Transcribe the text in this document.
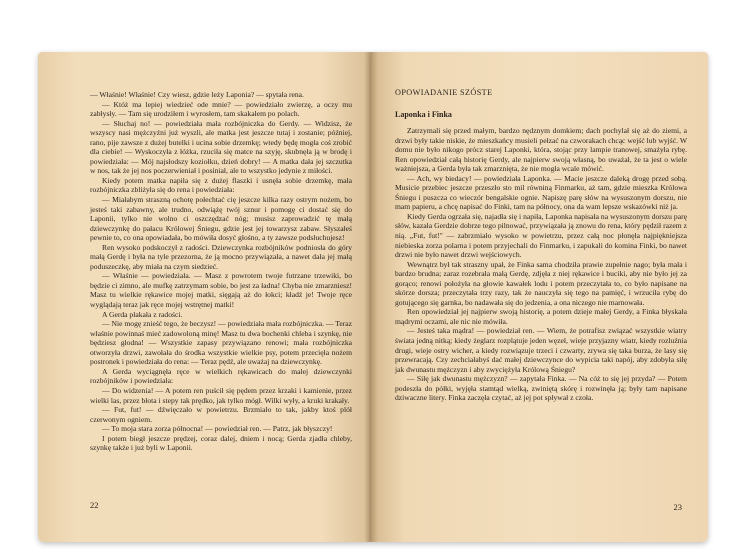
— Właśnie! Właśnie! Czy wiesz, gdzie leży Laponia? — spytała rena.

— Któż ma lepiej wiedzieć ode mnie? — powiedziało zwierzę, a oczy mu zabłysły. — Tam się urodziłem i wyrosłem, tam skakałem po polach.

— Słuchaj no! — powiedziała mała rozbójniczka do Gerdy. — Widzisz, że wszyscy nasi mężczyźni już wyszli, ale matka jest jeszcze tutaj i zostanie; później, rano, pije zawsze z dużej butelki i ucina sobie drzemkę; wtedy będę mogła coś zrobić dla ciebie! — Wyskoczyła z łóżka, rzuciła się matce na szyję, skubnęła ją w brodę i powiedziała: — Mój najsłodszy koziołku, dzień dobry! — A matka dała jej szczutka w nos, tak że jej nos poczerwieniał i posiniał, ale to wszystko jedynie z miłości.

Kiedy potem matka napiła się z dużej flaszki i usnęła sobie drzemkę, mała rozbójniczka zbliżyła się do rena i powiedziała:

— Miałabym straszną ochotę połechtać cię jeszcze kilka razy ostrym nożem, bo jesteś taki zabawny, ale trudno, odwiążę twój sznur i pomogę ci dostać się do Laponii, tylko nie wolno ci oszczędzać nóg; musisz zaprowadzić tę małą dziewczynkę do pałacu Królowej Śniegu, gdzie jest jej towarzysz zabaw. Słyszałeś pewnie to, co ona opowiadała, bo mówiła dosyć głośno, a ty zawsze podsłuchujesz!

Ren wysoko podskoczył z radości. Dziewczynka rozbójników podniosła do góry małą Gerdę i była na tyle przezorna, że ją mocno przywiązała, a nawet dała jej małą poduszeczkę, aby miała na czym siedzieć.

— Właśnie — powiedziała. — Masz z powrotem twoje futrzane trzewiki, bo będzie ci zimno, ale mufkę zatrzymam sobie, bo jest za ładna! Chyba nie zmarzniesz! Masz tu wielkie rękawice mojej matki, sięgają aż do łokci; kładź je! Twoje ręce wyglądają teraz jak ręce mojej wstrętnej matki!

A Gerda płakała z radości.

— Nie mogę znieść tego, że beczysz! — powiedziała mała rozbójniczka. — Teraz właśnie powinnaś mieć zadowoloną minę! Masz tu dwa bochenki chleba i szynkę, nie będziesz głodna! — Wszystkie zapasy przywiązano renowi; mała rozbójniczka otworzyła drzwi, zawołała do środka wszystkie wielkie psy, potem przecięła nożem postronek i powiedziała do rena: — Teraz pędź, ale uważaj na dziewczynkę.

A Gerda wyciągnęła ręce w wielkich rękawicach do małej dziewczynki rozbójników i powiedziała:

— Do widzenia! — A potem ren puścił się pędem przez krzaki i kamienie, przez wielki las, przez błota i stepy tak prędko, jak tylko mógł. Wilki wyły, a kruki krakały.

— Fut, fut! — dźwięczało w powietrzu. Brzmiało to tak, jakby ktoś plół czerwonym ogniem.

— To moja stara zorza północna! — powiedział ren. — Patrz, jak błyszczy!

I potem biegł jeszcze prędzej, coraz dalej, dniem i nocą; Gerda zjadła chleby, szynkę także i już byli w Laponii.

22
OPOWIADANIE SZÓSTE
Laponka i Finka

Zatrzymali się przed małym, bardzo nędznym domkiem; dach pochylał się aż do ziemi, a drzwi były takie niskie, że mieszkańcy musieli pełzać na czworakach chcąc wejść lub wyjść. W domu nie było nikogo prócz starej Laponki, która, stojąc przy lampie tranowej, smażyła rybę. Ren opowiedział całą historię Gerdy, ale najpierw swoją własną, bo uważał, że ta jest o wiele ważniejsza, a Gerda była tak zmarznięta, że nie mogła wcale mówić.

— Ach, wy biedacy! — powiedziała Laponka. — Macie jeszcze daleką drogę przed sobą. Musicie przebiec jeszcze przeszło sto mil równiną Finmarku, aż tam, gdzie mieszka Królowa Śniegu i puszcza co wieczór bengalskie ognie. Napiszę parę słów na wysuszonym dorszu, nie mam papieru, a chcę napisać do Finki, tam na północy, ona da wam lepsze wskazówki niż ja.

Kiedy Gerda ogrzała się, najadła się i napiła, Laponka napisała na wysuszonym dorszu parę słów, kazała Gerdzie dobrze tego pilnować, przywiązała ją znowu do rena, który pędził razem z nią. „Fut, fut!" — zabrzmiało wysoko w powietrzu, przez całą noc płonęła najpiękniejsza niebieska zorza polarna i potem przyjechali do Finmarku, i zapukali do komina Finki, bo nawet drzwi nie było nawet drzwi wejściowych.

Wewnątrz był tak straszny upał, że Finka sama chodziła prawie zupełnie nago; była mała i bardzo brudna; zaraz rozebrała małą Gerdę, zdjęła z niej rękawice i buciki, aby nie było jej za gorąco; renowi położyła na głowie kawałek lodu i potem przeczytała to, co było napisane na skórze dorsza; przeczytała trzy razy, tak że nauczyła się tego na pamięć, i wrzuciła rybę do gotującego się garnka, bo nadawała się do jedzenia, a ona niczego nie marnowała.

Ren opowiedział jej najpierw swoją historię, a potem dzieje małej Gerdy, a Finka błyskała mądrymi oczami, ale nic nie mówiła.

— Jesteś taka mądra! — powiedział ren. — Wiem, że potrafisz związać wszystkie wiatry świata jedną nitką; kiedy żeglarz rozplątuje jeden węzeł, wieje przyjazny wiatr, kiedy rozluźnia drugi, wieje ostry wicher, a kiedy rozwiązuje trzeci i czwarty, zrywa się taka burza, że lasy się przewracają. Czy zechciałabyś dać małej dziewczynce do wypicia taki napój, aby zdobyła siłę jak dwunastu mężczyzn i aby zwyciężyła Królową Śniegu?

— Siłę jak dwunastu mężczyzn? — zapytała Finka. — Na cóż to się jej przyda? — Potem podeszła do półki, wyjęła stamtąd wielką, zwiniętą skórę i rozwinęła ją; były tam napisane dziwaczne litery. Finka zaczęła czytać, aż jej pot spływał z czoła.

23
